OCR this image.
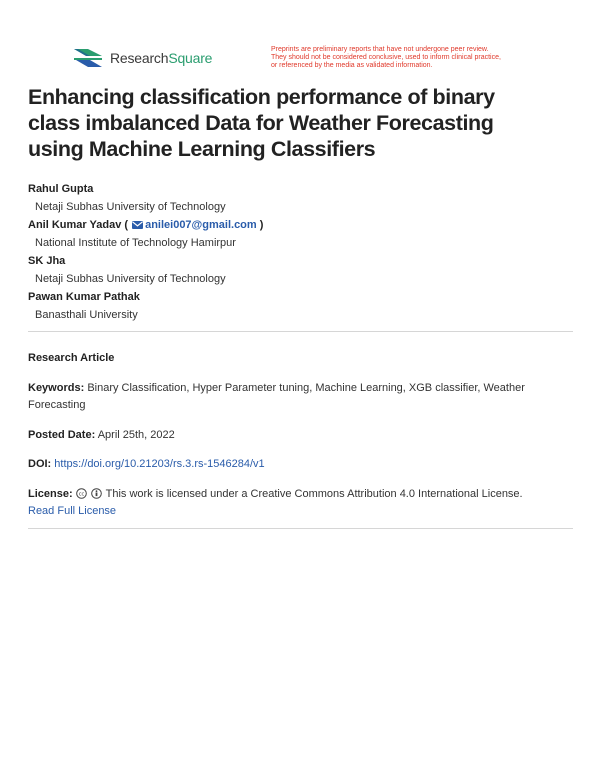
ResearchSquare
Preprints are preliminary reports that have not undergone peer review.
They should not be considered conclusive, used to inform clinical practice,
or referenced by the media as validated information.
Enhancing classification performance of binary class imbalanced Data for Weather Forecasting using Machine Learning Classifiers
Rahul Gupta
Netaji Subhas University of Technology
Anil Kumar Yadav ( anilei007@gmail.com )
National Institute of Technology Hamirpur
SK Jha
Netaji Subhas University of Technology
Pawan Kumar Pathak
Banasthali University
Research Article
Keywords: Binary Classification, Hyper Parameter tuning, Machine Learning, XGB classifier, Weather Forecasting
Posted Date: April 25th, 2022
DOI: https://doi.org/10.21203/rs.3.rs-1546284/v1
License: cc This work is licensed under a Creative Commons Attribution 4.0 International License.
Read Full License
